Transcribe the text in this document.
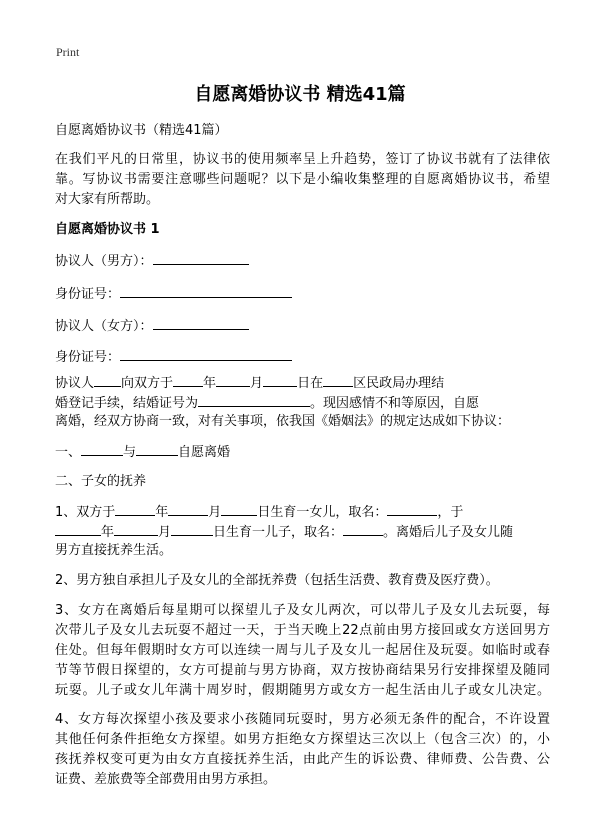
Print
自愿离婚协议书 精选41篇
自愿离婚协议书（精选41篇）
在我们平凡的日常里，协议书的使用频率呈上升趋势，签订了协议书就有了法律依
靠。写协议书需要注意哪些问题呢？以下是小编收集整理的自愿离婚协议书，希望
对大家有所帮助。
自愿离婚协议书 1
协议人（男方）：
身份证号：
协议人（女方）：
身份证号：
协议人 向双方于 年	月	日在 区民政局办理结
婚登记手续，结婚证号为	。现因感情不和等原因，自愿
离婚，经双方协商一致，对有关事项，依我国《婚姻法》的规定达成如下协议：
一、	与	自愿离婚
二、子女的抚养
1、双方于	年	月	日生育一女儿，取名：	，于
年	月	日生育一儿子，取名：	。离婚后儿子及女儿随
男方直接抚养生活。
2、男方独自承担儿子及女儿的全部抚养费（包括生活费、教育费及医疗费）。
3、女方在离婚后每星期可以探望儿子及女儿两次，可以带儿子及女儿去玩耍，每
次带儿子及女儿去玩耍不超过一天，于当天晚上22点前由男方接回或女方送回男方
住处。但每年假期时女方可以连续一周与儿子及女儿一起居住及玩耍。如临时或春
节等节假日探望的，女方可提前与男方协商，双方按协商结果另行安排探望及随同
玩耍。儿子或女儿年满十周岁时，假期随男方或女方一起生活由儿子或女儿决定。
4、女方每次探望小孩及要求小孩随同玩耍时，男方必须无条件的配合，不许设置
其他任何条件拒绝女方探望。如男方拒绝女方探望达三次以上（包含三次）的，小
孩抚养权变可更为由女方直接抚养生活，由此产生的诉讼费、律师费、公告费、公
证费、差旅费等全部费用由男方承担。
